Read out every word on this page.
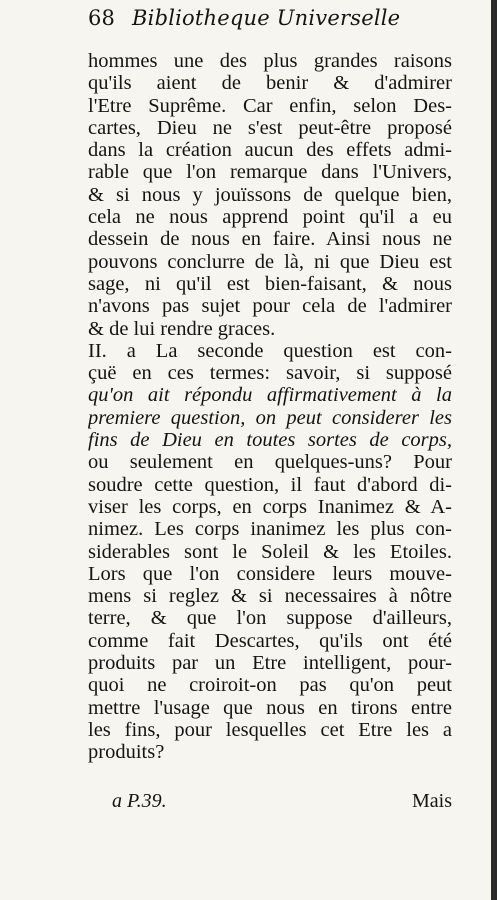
68 Bibliotheque Universelle
hommes une des plus grandes raisons
qu'ils aient de benir & d'admirer
l'Etre Suprême. Car enfin, selon Des-
cartes, Dieu ne s'est peut-être proposé
dans la création aucun des effets admi-
rable que l'on remarque dans l'Univers,
& si nous y jouïssons de quelque bien,
cela ne nous apprend point qu'il a eu
dessein de nous en faire. Ainsi nous ne
pouvons conclurre de là, ni que Dieu est
sage, ni qu'il est bien-faisant, & nous
n'avons pas sujet pour cela de l'admirer
& de lui rendre graces.
II. a La seconde question est con-
çuë en ces termes: savoir, si supposé
qu'on ait répondu affirmativement à la
premiere question, on peut considerer les
fins de Dieu en toutes sortes de corps,
ou seulement en quelques-uns? Pour
soudre cette question, il faut d'abord di-
viser les corps, en corps Inanimez & A-
nimez. Les corps inanimez les plus con-
siderables sont le Soleil & les Etoiles.
Lors que l'on considere leurs mouve-
mens si reglez & si necessaires à nôtre
terre, & que l'on suppose d'ailleurs,
comme fait Descartes, qu'ils ont été
produits par un Etre intelligent, pour-
quoi ne croiroit-on pas qu'on peut
mettre l'usage que nous en tirons entre
les fins, pour lesquelles cet Etre les a
produits?
a P.39.	Mais
